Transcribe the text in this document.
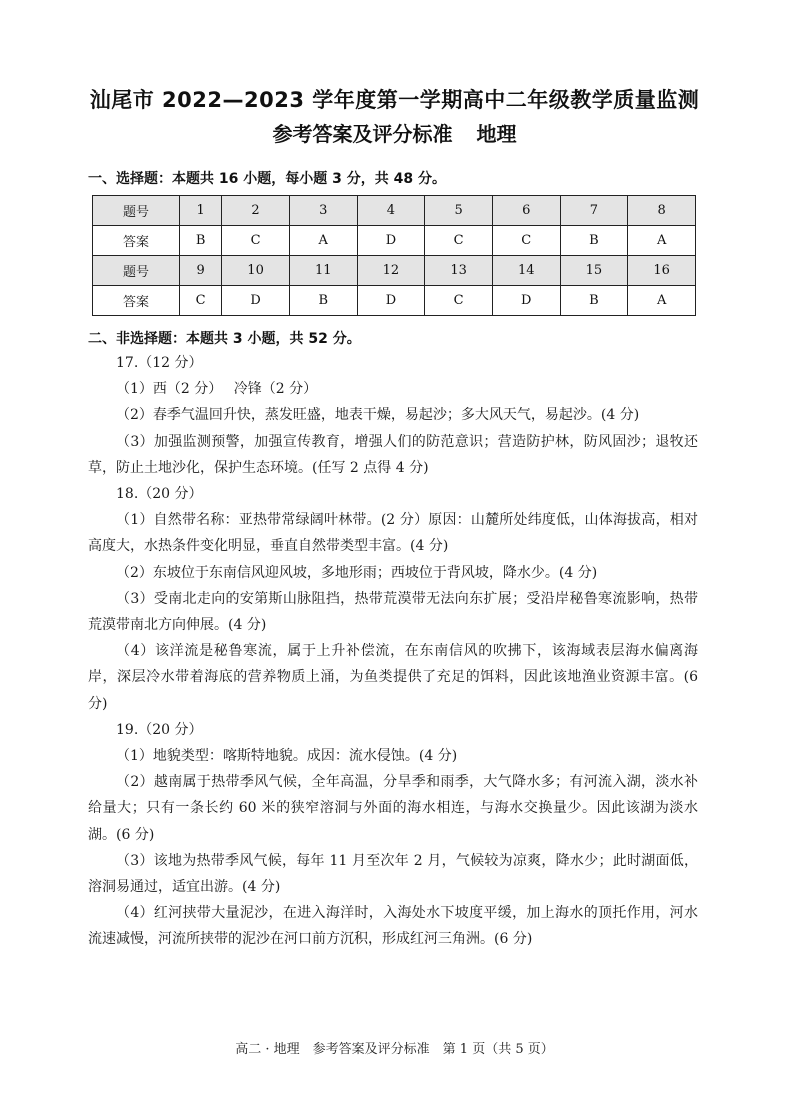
汕尾市 2022—2023 学年度第一学期高中二年级教学质量监测
参考答案及评分标准 地理
一、选择题：本题共 16 小题，每小题 3 分，共 48 分。
题号	1	2	3	4	5	6	7	8
答案	B	C	A	D	C	C	B	A
题号	9	10	11	12	13	14	15	16
答案	C	D	B	D	C	D	B	A
二、非选择题：本题共 3 小题，共 52 分。

17.（12 分）

（1）西（2 分）　 冷锋（2 分）

（2）春季气温回升快，蒸发旺盛，地表干燥，易起沙；多大风天气，易起沙。(4 分)

（3）加强监测预警，加强宣传教育，增强人们的防范意识；营造防护林，防风固沙；退牧还草，防止土地沙化，保护生态环境。(任写 2 点得 4 分)

18.（20 分）

（1）自然带名称：亚热带常绿阔叶林带。(2 分）原因：山麓所处纬度低，山体海拔高，相对高度大，水热条件变化明显，垂直自然带类型丰富。(4 分)

（2）东坡位于东南信风迎风坡，多地形雨；西坡位于背风坡，降水少。(4 分)

（3）受南北走向的安第斯山脉阻挡，热带荒漠带无法向东扩展；受沿岸秘鲁寒流影响，热带荒漠带南北方向伸展。(4 分)

（4）该洋流是秘鲁寒流，属于上升补偿流，在东南信风的吹拂下，该海域表层海水偏离海岸，深层冷水带着海底的营养物质上涌，为鱼类提供了充足的饵料，因此该地渔业资源丰富。(6 分)

19.（20 分）

（1）地貌类型：喀斯特地貌。成因：流水侵蚀。(4 分)

（2）越南属于热带季风气候，全年高温，分旱季和雨季，大气降水多；有河流入湖，淡水补给量大；只有一条长约 60 米的狭窄溶洞与外面的海水相连，与海水交换量少。因此该湖为淡水湖。(6 分)

（3）该地为热带季风气候，每年 11 月至次年 2 月，气候较为凉爽，降水少；此时湖面低，溶洞易通过，适宜出游。(4 分)

（4）红河挟带大量泥沙，在进入海洋时，入海处水下坡度平缓，加上海水的顶托作用，河水流速减慢，河流所挟带的泥沙在河口前方沉积，形成红河三角洲。(6 分)

高二 · 地理　参考答案及评分标准　第 1 页（共 5 页）
